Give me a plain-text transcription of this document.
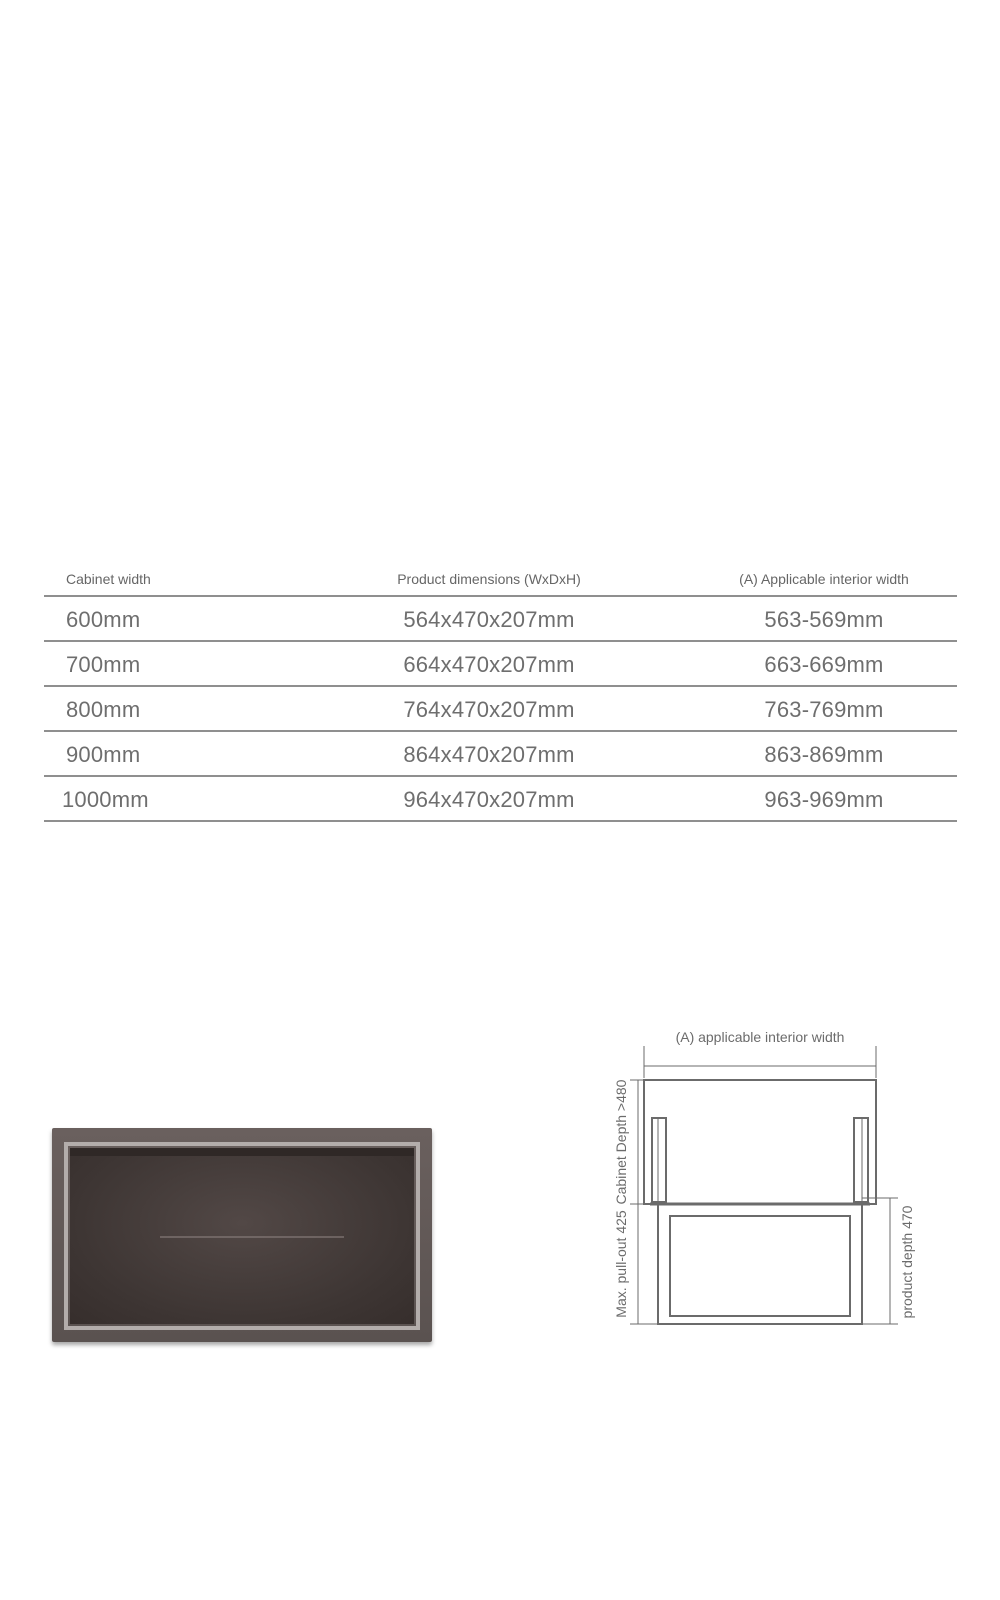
Cabinet width	Product dimensions (WxDxH)	(A) Applicable interior width
600mm	564x470x207mm	563-569mm
700mm	664x470x207mm	663-669mm
800mm	764x470x207mm	763-769mm
900mm	864x470x207mm	863-869mm
1000mm	964x470x207mm	963-969mm
(A) applicable interior width
Cabinet Depth >480
Max. pull-out 425	product depth 470
